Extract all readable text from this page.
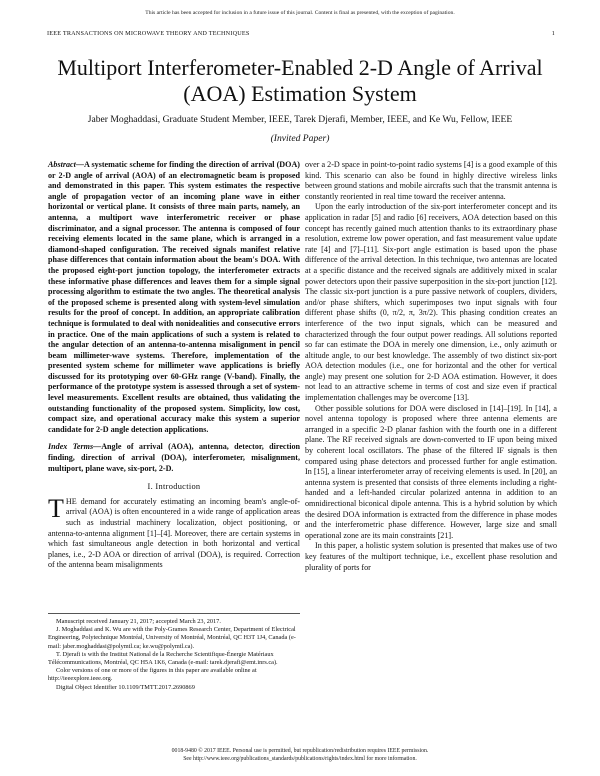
This article has been accepted for inclusion in a future issue of this journal. Content is final as presented, with the exception of pagination.
IEEE TRANSACTIONS ON MICROWAVE THEORY AND TECHNIQUES	1
Multiport Interferometer-Enabled 2-D Angle of Arrival (AOA) Estimation System
Jaber Moghaddasi, Graduate Student Member, IEEE, Tarek Djerafi, Member, IEEE, and Ke Wu, Fellow, IEEE
(Invited Paper)
Abstract—A systematic scheme for finding the direction of arrival (DOA) or 2-D angle of arrival (AOA) of an electromagnetic beam is proposed and demonstrated in this paper. This system estimates the respective angle of propagation vector of an incoming plane wave in either horizontal or vertical plane. It consists of three main parts, namely, an antenna, a multiport wave interferometric receiver or phase discriminator, and a signal processor. The antenna is composed of four receiving elements located in the same plane, which is arranged in a diamond-shaped configuration. The received signals manifest relative phase differences that contain information about the beam's DOA. With the proposed eight-port junction topology, the interferometer extracts these informative phase differences and leaves them for a simple signal processing algorithm to estimate the two angles. The theoretical analysis of the proposed scheme is presented along with system-level simulation results for the proof of concept. In addition, an appropriate calibration technique is formulated to deal with nonidealities and consecutive errors in practice. One of the main applications of such a system is related to the angular detection of an antenna-to-antenna misalignment in pencil beam millimeter-wave systems. Therefore, implementation of the presented system scheme for millimeter wave applications is briefly discussed for its prototyping over 60-GHz range (V-band). Finally, the performance of the prototype system is assessed through a set of system-level measurements. Excellent results are obtained, thus validating the outstanding functionality of the proposed system. Simplicity, low cost, compact size, and operational accuracy make this system a superior candidate for 2-D angle detection applications.
Index Terms—Angle of arrival (AOA), antenna, detector, direction finding, direction of arrival (DOA), interferometer, misalignment, multiport, plane wave, six-port, 2-D.
I. Introduction

THE demand for accurately estimating an incoming beam's angle-of-arrival (AOA) is often encountered in a wide range of application areas such as industrial machinery localization, object positioning, or antenna-to-antenna alignment [1]–[4]. Moreover, there are certain systems in which fast simultaneous angle detection in both horizontal and vertical planes, i.e., 2-D AOA or direction of arrival (DOA), is required. Correction of the antenna beam misalignments

Manuscript received January 21, 2017; accepted March 23, 2017.
J. Moghaddasi and K. Wu are with the Poly-Grames Research Center, Department of Electrical Engineering, Polytechnique Montréal, University of Montréal, Montréal, QC H3T 1J4, Canada (e-mail: jaber.moghaddasi@polymtl.ca; ke.wu@polymtl.ca).
T. Djerafi is with the Institut National de la Recherche Scientifique-Énergie Matériaux Télécommunications, Montréal, QC H5A 1K6, Canada (e-mail: tarek.djerafi@emt.inrs.ca).
Color versions of one or more of the figures in this paper are available online at http://ieeexplore.ieee.org.
Digital Object Identifier 10.1109/TMTT.2017.2690869

over a 2-D space in point-to-point radio systems [4] is a good example of this kind. This scenario can also be found in highly directive wireless links between ground stations and mobile aircrafts such that the transmit antenna is constantly reoriented in real time toward the receiver antenna.

Upon the early introduction of the six-port interferometer concept and its application in radar [5] and radio [6] receivers, AOA detection based on this concept has recently gained much attention thanks to its extraordinary phase resolution, extreme low power operation, and fast measurement value update rate [4] and [7]–[11]. Six-port angle estimation is based upon the phase difference of the arrival detection. In this technique, two antennas are located at a specific distance and the received signals are additively mixed in scalar power detectors upon their passive superposition in the six-port junction [12]. The classic six-port junction is a pure passive network of couplers, dividers, and/or phase shifters, which superimposes two input signals with four different phase shifts (0, π/2, π, 3π/2). This phasing condition creates an interference of the two input signals, which can be measured and characterized through the four output power readings. All solutions reported so far can estimate the DOA in merely one dimension, i.e., only azimuth or altitude angle, to our best knowledge. The assembly of two distinct six-port AOA detection modules (i.e., one for horizontal and the other for vertical angle) may present one solution for 2-D AOA estimation. However, it does not lead to an attractive scheme in terms of cost and size even if practical implementation challenges may be overcome [13].

Other possible solutions for DOA were disclosed in [14]–[19]. In [14], a novel antenna topology is proposed where three antenna elements are arranged in a specific 2-D planar fashion with the fourth one in a different plane. The RF received signals are down-converted to IF upon being mixed by coherent local oscillators. The phase of the filtered IF signals is then compared using phase detectors and processed further for angle estimation. In [15], a linear interferometer array of receiving elements is used. In [20], an antenna system is presented that consists of three elements including a right-handed and a left-handed circular polarized antenna in addition to an omnidirectional biconical dipole antenna. This is a hybrid solution by which the desired DOA information is extracted from the difference in phase modes and the interferometric phase difference. However, large size and small operational zone are its main constraints [21].

In this paper, a holistic system solution is presented that makes use of two key features of the multiport technique, i.e., excellent phase resolution and plurality of ports for

0018-9480 © 2017 IEEE. Personal use is permitted, but republication/redistribution requires IEEE permission.
See http://www.ieee.org/publications_standards/publications/rights/index.html for more information.
